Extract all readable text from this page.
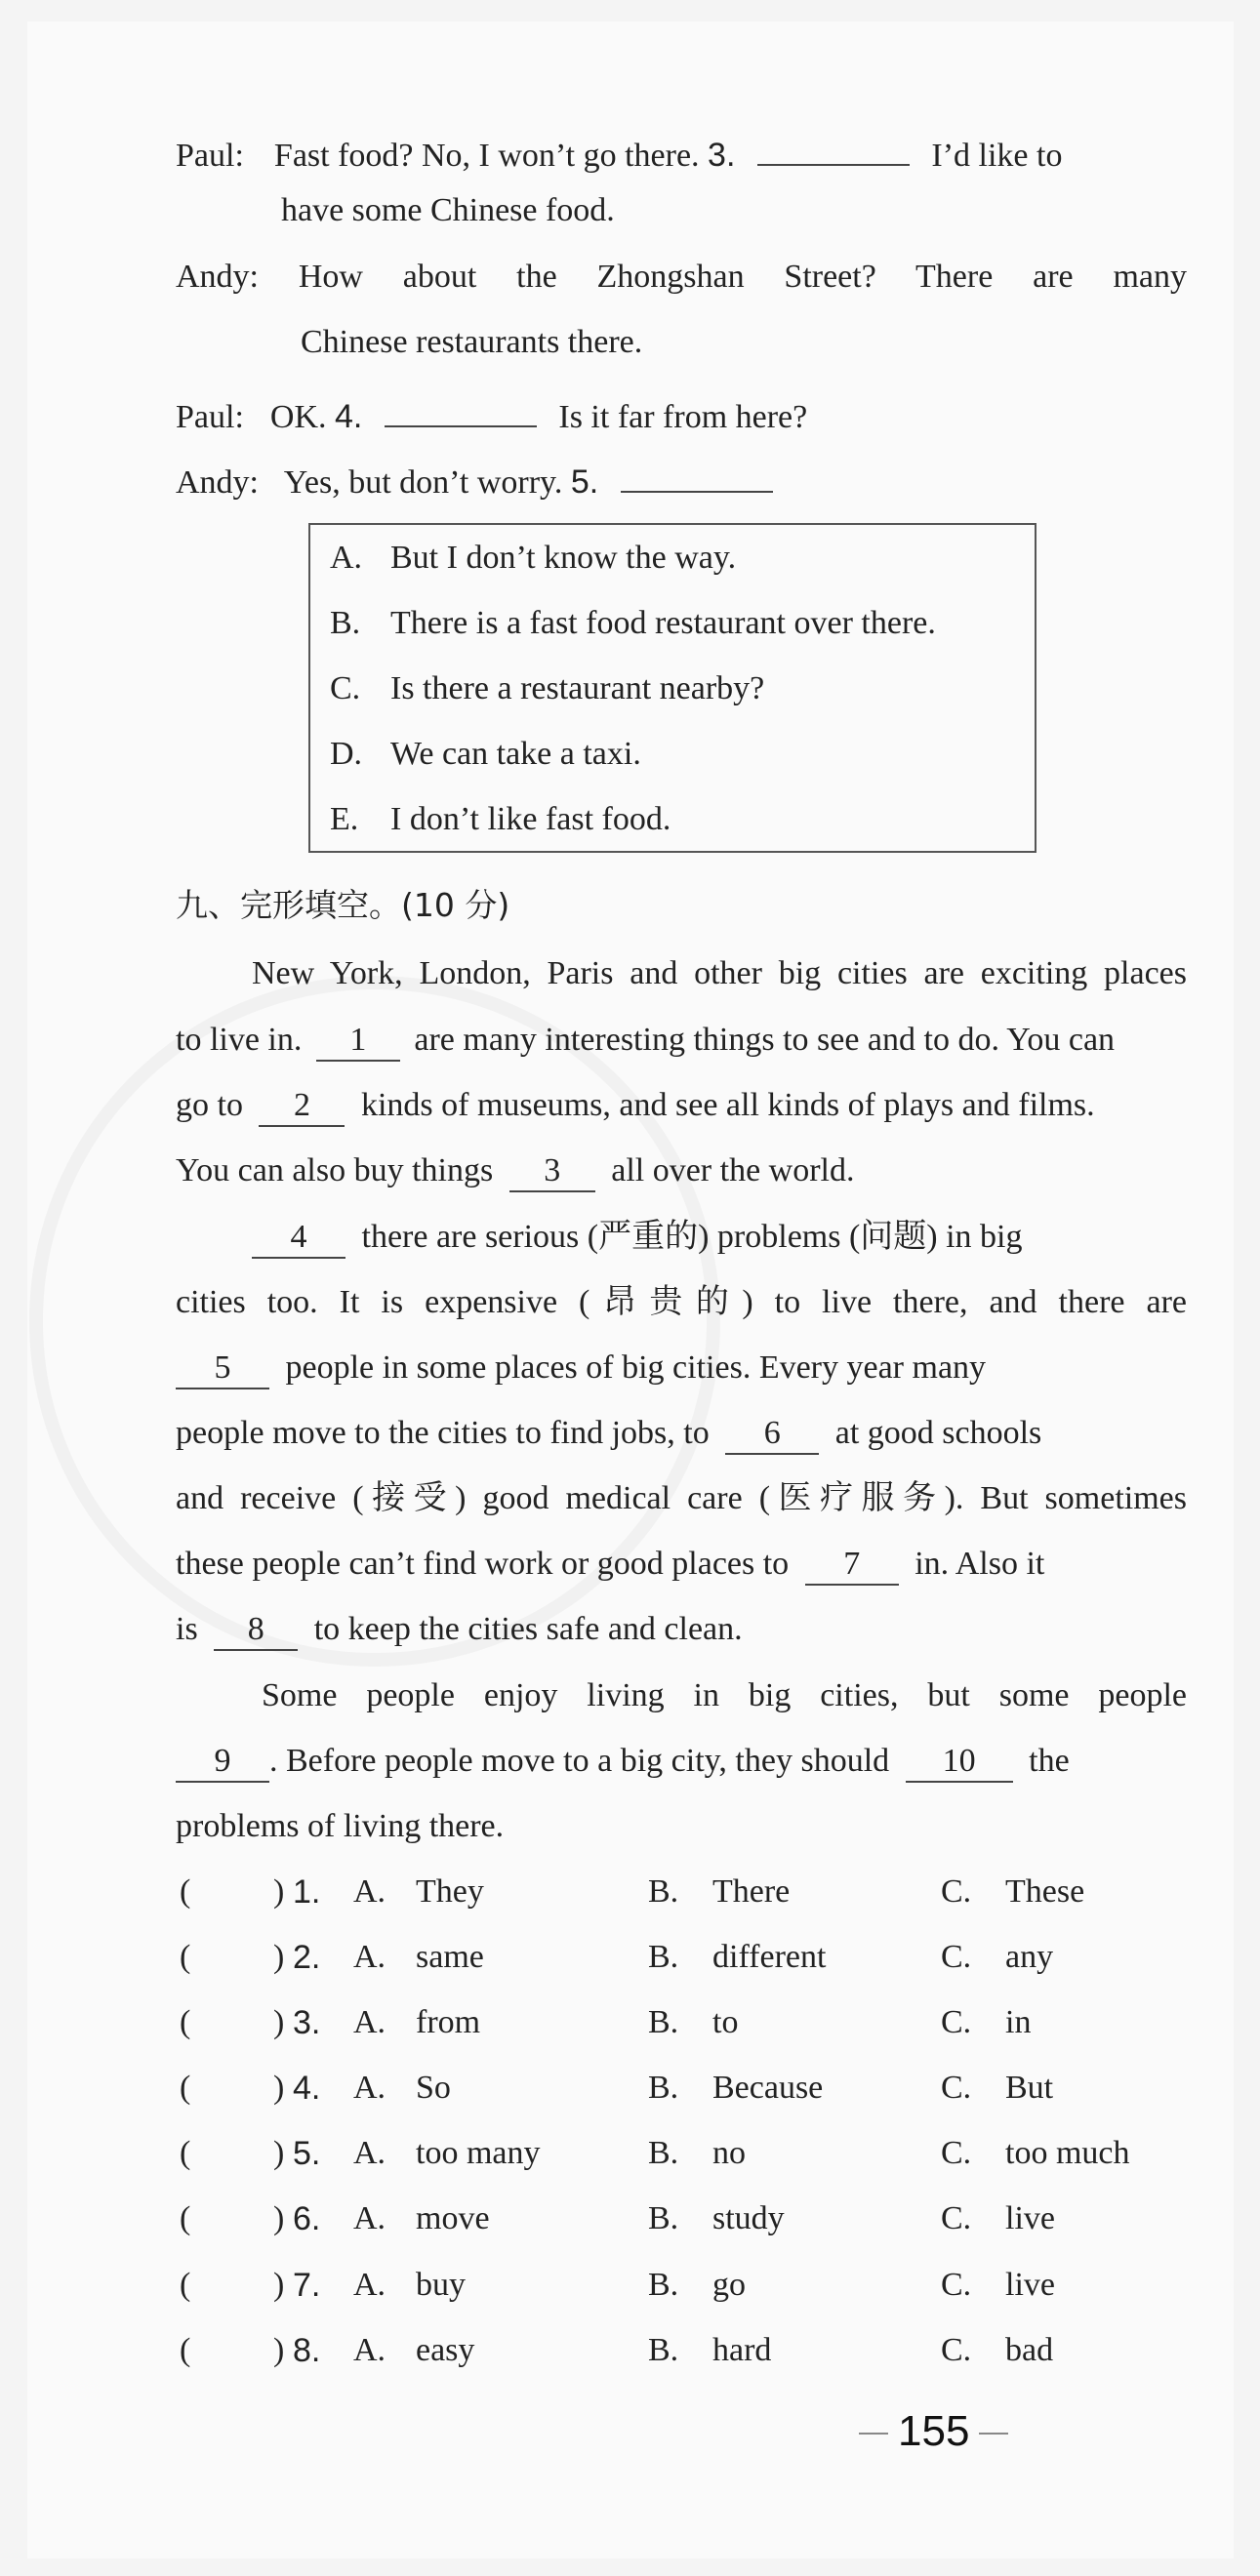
Paul: Fast food? No, I won’t go there. 3.	I’d like to
have some Chinese food.
Andy: How about the Zhongshan Street? There are many
Chinese restaurants there.
Paul: OK. 4.	Is it far from here?
Andy: Yes, but don’t worry. 5.
A. But I don’t know the way.
B. There is a fast food restaurant over there.
C. Is there a restaurant nearby?
D. We can take a taxi.
E. I don’t like fast food.
九、完形填空。(10 分)
New York, London, Paris and other big cities are exciting places
to live in. 1 are many interesting things to see and to do. You can
go to 2 kinds of museums, and see all kinds of plays and films.
You can also buy things 3 all over the world.
4 there are serious (严重的) problems (问题) in big
cities too. It is expensive (昂贵的) to live there, and there are
5 people in some places of big cities. Every year many
people move to the cities to find jobs, to 6 at good schools
and receive (接受) good medical care (医疗服务). But sometimes
these people can’t find work or good places to 7 in. Also it
is 8 to keep the cities safe and clean.
Some people enjoy living in big cities, but some people
9 . Before people move to a big city, they should 10 the
problems of living there.
( ) 1. A. They	B. There	C. These
( ) 2. A. same	B. different	C. any
( ) 3. A. from	B. to	C. in
( ) 4. A. So	B. Because	C. But
( ) 5. A. too many	B. no	C. too much
( ) 6. A. move	B. study	C. live
( ) 7. A. buy	B. go	C. live
( ) 8. A. easy	B. hard	C. bad
155
